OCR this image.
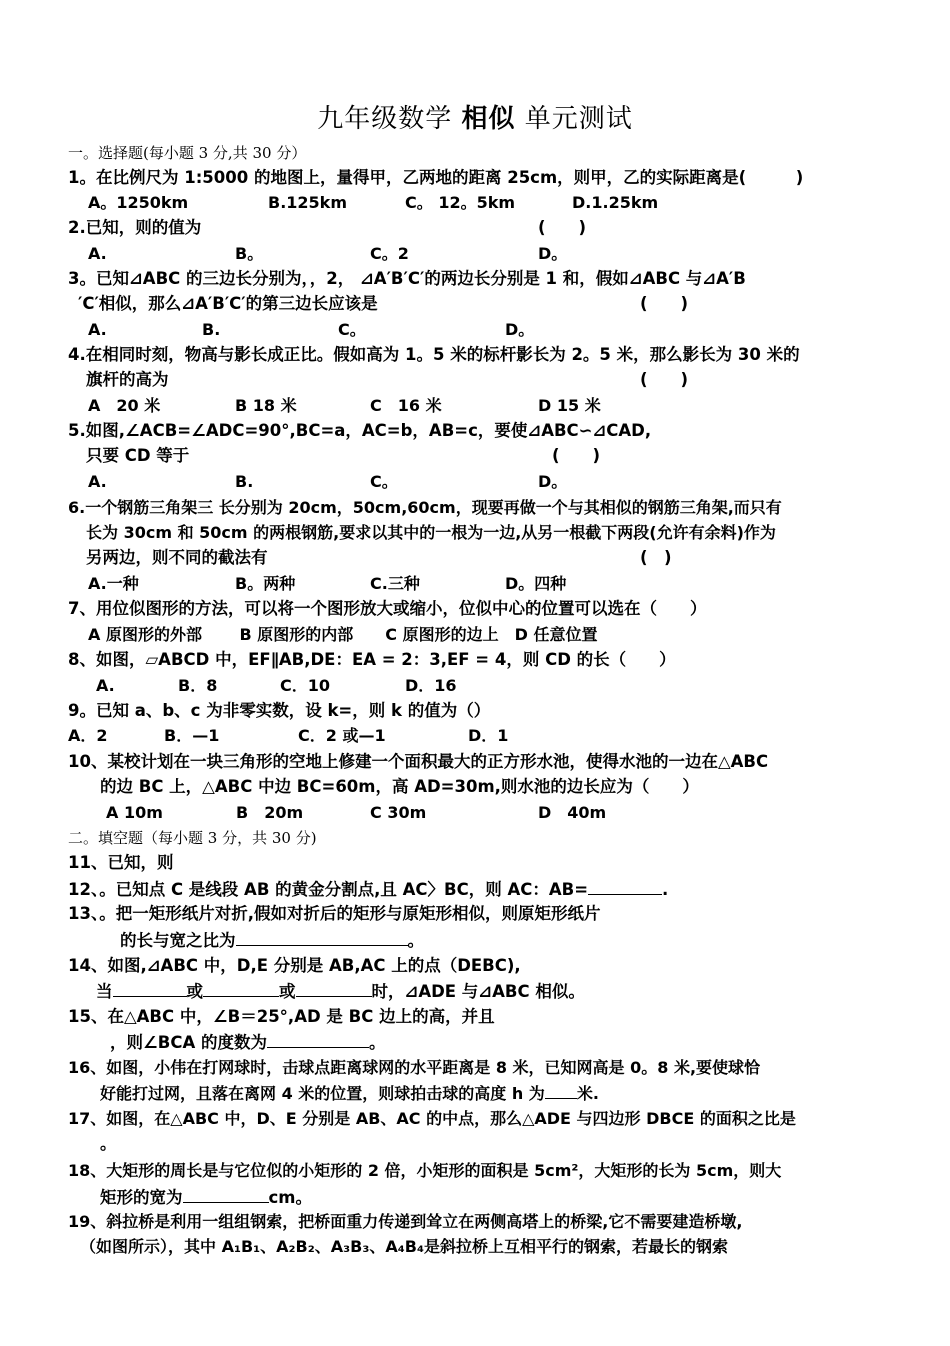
九年级数学 相似 单元测试
一。选择题(每小题 3 分,共 30 分）
1。在比例尺为 1:5000 的地图上，量得甲，乙两地的距离 25cm，则甲，乙的实际距离是(　　　)
A。1250km	B.125km	C。 12。5km	D.1.25km
2.已知，则的值为	(　　)
A.	B。	C。2	D。
3。已知⊿ABC 的三边长分别为，，2， ⊿A′B′C′的两边长分别是 1 和，假如⊿ABC 与⊿A′B
′C′相似，那么⊿A′B′C′的第三边长应该是	(　　)
A.	B.	C。	D。
4.在相同时刻，物高与影长成正比。假如高为 1。5 米的标杆影长为 2。5 米，那么影长为 30 米的
旗杆的高为	(　　)
A　20 米	B 18 米	C　16 米	D 15 米
5.如图,∠ACB=∠ADC=90°,BC=a，AC=b，AB=c，要使⊿ABC∽⊿CAD,
只要 CD 等于	(　　)
A.	B.	C。	D。
6.一个钢筋三角架三 长分别为 20cm，50cm,60cm，现要再做一个与其相似的钢筋三角架,而只有
长为 30cm 和 50cm 的两根钢筋,要求以其中的一根为一边,从另一根截下两段(允许有余料)作为
另两边，则不同的截法有	(　)
A.一种	B。两种	C.三种	D。四种
7、用位似图形的方法，可以将一个图形放大或缩小，位似中心的位置可以选在（　　）
A 原图形的外部　　 B 原图形的内部　　C 原图形的边上　D 任意位置
8、如图，▱ABCD 中，EF∥AB,DE：EA = 2：3,EF = 4，则 CD 的长（　　）
A.	B．8	C．10	D．16
9。已知 a、b、c 为非零实数，设 k=，则 k 的值为（）
A．2	B．—1	C．2 或—1	D．1
10、某校计划在一块三角形的空地上修建一个面积最大的正方形水池，使得水池的一边在△ABC
的边 BC 上，△ABC 中边 BC=60m，高 AD=30m,则水池的边长应为（　　）
A 10m	B　20m	C 30m	D　40m
二。填空题（每小题 3 分，共 30 分)
11、已知，则
12、。已知点 C 是线段 AB 的黄金分割点,且 AC〉BC，则 AC：AB=	.
13、。把一矩形纸片对折,假如对折后的矩形与原矩形相似，则原矩形纸片
的长与宽之比为	。
14、如图,⊿ABC 中，D,E 分别是 AB,AC 上的点（DEBC),
当	或	或	时，⊿ADE 与⊿ABC 相似。
15、在△ABC 中，∠B＝25°,AD 是 BC 边上的高，并且
，则∠BCA 的度数为	。
16、如图，小伟在打网球时，击球点距离球网的水平距离是 8 米，已知网高是 0。8 米,要使球恰
好能打过网，且落在离网 4 米的位置，则球拍击球的高度 h 为 米.
17、如图，在△ABC 中，D、E 分别是 AB、AC 的中点，那么△ADE 与四边形 DBCE 的面积之比是
。
18、大矩形的周长是与它位似的小矩形的 2 倍，小矩形的面积是 5cm²，大矩形的长为 5cm，则大
矩形的宽为	cm。
19、斜拉桥是利用一组组钢索，把桥面重力传递到耸立在两侧高塔上的桥梁,它不需要建造桥墩,
（如图所示），其中 A₁B₁、A₂B₂、A₃B₃、A₄B₄是斜拉桥上互相平行的钢索，若最长的钢索
